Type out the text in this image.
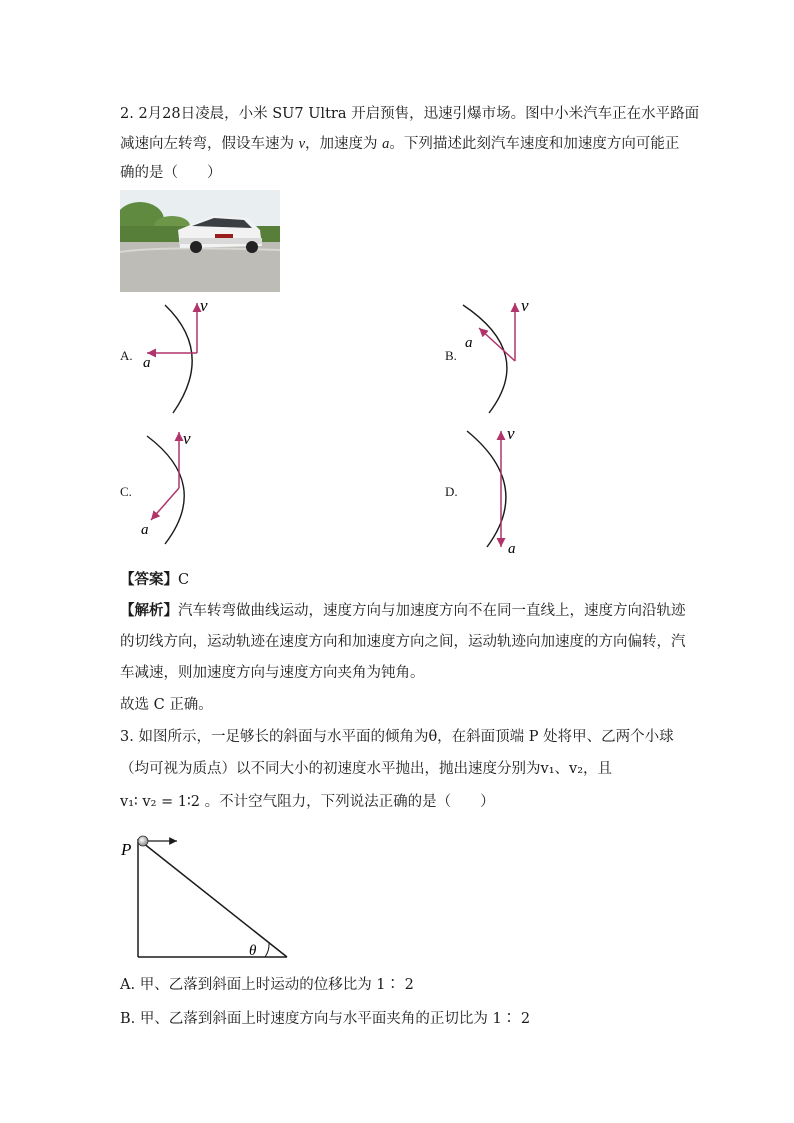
2. 2月28日凌晨，小米 SU7 Ultra 开启预售，迅速引爆市场。图中小米汽车正在水平路面
减速向左转弯，假设车速为 v，加速度为 a。下列描述此刻汽车速度和加速度方向可能正
确的是（　　）
A.
v
a	B.
v
a
C.
v
a
D.
v
a
【答案】C
【解析】汽车转弯做曲线运动，速度方向与加速度方向不在同一直线上，速度方向沿轨迹
的切线方向，运动轨迹在速度方向和加速度方向之间，运动轨迹向加速度的方向偏转，汽
车减速，则加速度方向与速度方向夹角为钝角。
故选 C 正确。
3. 如图所示，一足够长的斜面与水平面的倾角为θ，在斜面顶端 P 处将甲、乙两个小球
（均可视为质点）以不同大小的初速度水平抛出，抛出速度分别为v₁、v₂，且
v₁∶ v₂ = 1∶2 。不计空气阻力，下列说法正确的是（　　）
P
θ
A. 甲、乙落到斜面上时运动的位移比为 1∶ 2
B. 甲、乙落到斜面上时速度方向与水平面夹角的正切比为 1∶ 2
